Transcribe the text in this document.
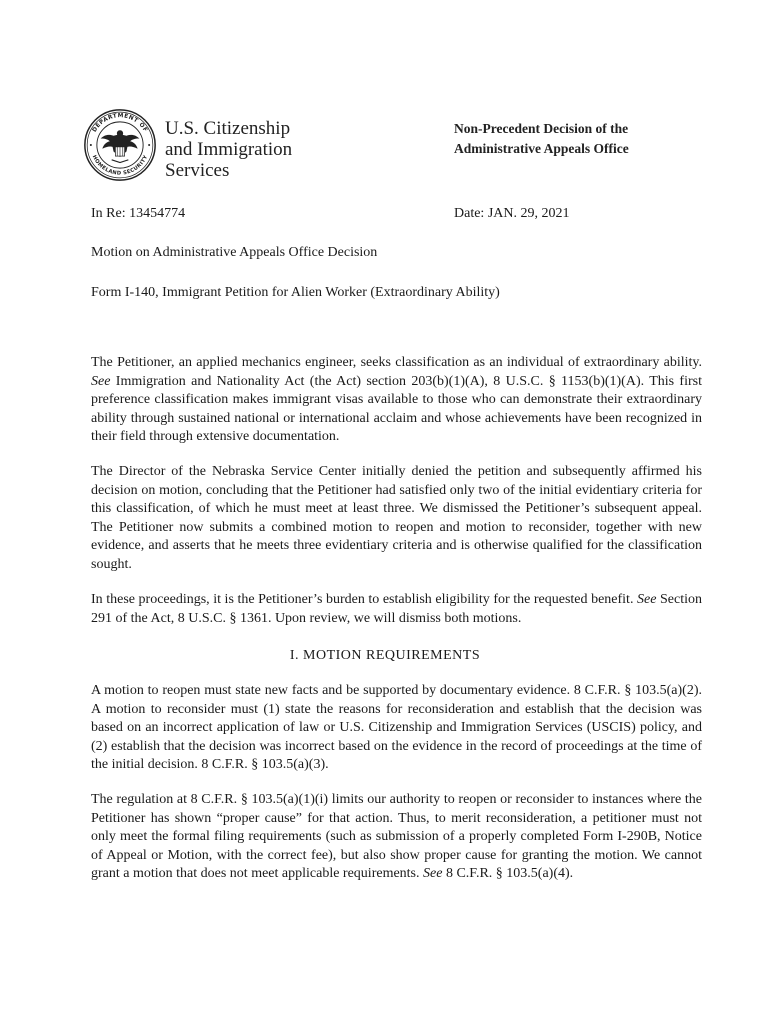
DEPARTMENT OF
HOMELAND SECURITY
U.S. Citizenship
and Immigration
Services
Non-Precedent Decision of the
Administrative Appeals Office
In Re: 13454774	Date: JAN. 29, 2021
Motion on Administrative Appeals Office Decision
Form I-140, Immigrant Petition for Alien Worker (Extraordinary Ability)

The Petitioner, an applied mechanics engineer, seeks classification as an individual of extraordinary ability. See Immigration and Nationality Act (the Act) section 203(b)(1)(A), 8 U.S.C. § 1153(b)(1)(A). This first preference classification makes immigrant visas available to those who can demonstrate their extraordinary ability through sustained national or international acclaim and whose achievements have been recognized in their field through extensive documentation.

The Director of the Nebraska Service Center initially denied the petition and subsequently affirmed his decision on motion, concluding that the Petitioner had satisfied only two of the initial evidentiary criteria for this classification, of which he must meet at least three. We dismissed the Petitioner’s subsequent appeal. The Petitioner now submits a combined motion to reopen and motion to reconsider, together with new evidence, and asserts that he meets three evidentiary criteria and is otherwise qualified for the classification sought.

In these proceedings, it is the Petitioner’s burden to establish eligibility for the requested benefit. See Section 291 of the Act, 8 U.S.C. § 1361. Upon review, we will dismiss both motions.

I. MOTION REQUIREMENTS

A motion to reopen must state new facts and be supported by documentary evidence. 8 C.F.R. § 103.5(a)(2). A motion to reconsider must (1) state the reasons for reconsideration and establish that the decision was based on an incorrect application of law or U.S. Citizenship and Immigration Services (USCIS) policy, and (2) establish that the decision was incorrect based on the evidence in the record of proceedings at the time of the initial decision. 8 C.F.R. § 103.5(a)(3).

The regulation at 8 C.F.R. § 103.5(a)(1)(i) limits our authority to reopen or reconsider to instances where the Petitioner has shown “proper cause” for that action. Thus, to merit reconsideration, a petitioner must not only meet the formal filing requirements (such as submission of a properly completed Form I-290B, Notice of Appeal or Motion, with the correct fee), but also show proper cause for granting the motion. We cannot grant a motion that does not meet applicable requirements. See 8 C.F.R. § 103.5(a)(4).
